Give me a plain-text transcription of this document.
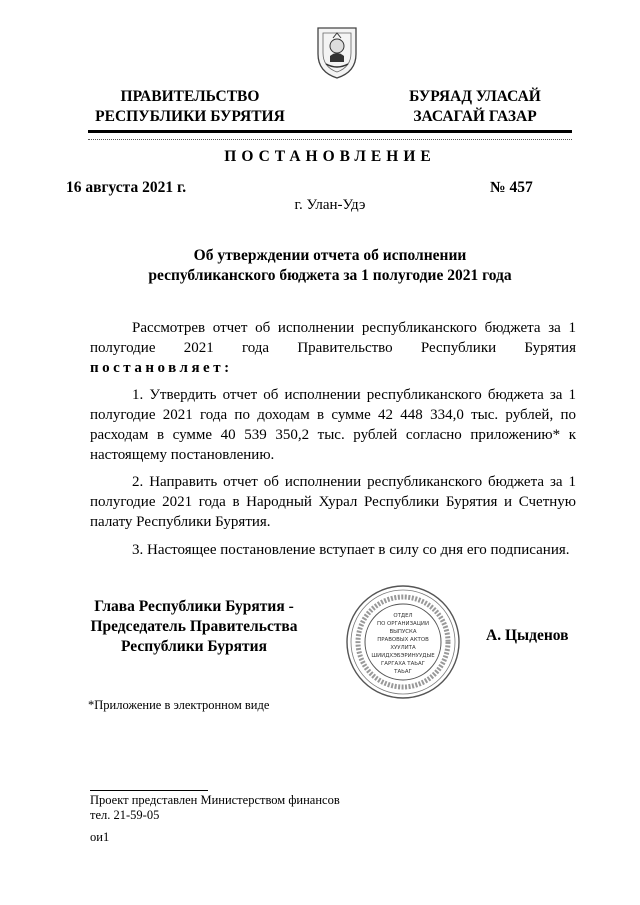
ПРАВИТЕЛЬСТВО
РЕСПУБЛИКИ БУРЯТИЯ
БУРЯАД УЛАСАЙ
ЗАСАГАЙ ГАЗАР
ПОСТАНОВЛЕНИЕ
16 августа 2021 г.	№ 457
г. Улан-Удэ
Об утверждении отчета об исполнении
республиканского бюджета за 1 полугодие 2021 года
Рассмотрев отчет об исполнении республиканского бюджета за 1 полугодие 2021 года Правительство Республики Бурятия постановляет:
1. Утвердить отчет об исполнении республиканского бюджета за 1 полугодие 2021 года по доходам в сумме 42 448 334,0 тыс. рублей, по расходам в сумме 40 539 350,2 тыс. рублей согласно приложению* к настоящему постановлению.
2. Направить отчет об исполнении республиканского бюджета за 1 полугодие 2021 года в Народный Хурал Республики Бурятия и Счетную палату Республики Бурятия.
3. Настоящее постановление вступает в силу со дня его подписания.
Глава Республики Бурятия -
Председатель Правительства
Республики Бурятия
ОТДЕЛ
ПО ОРГАНИЗАЦИИ
ВЫПУСКА
ПРАВОВЫХ АКТОВ
ХУУЛИТА
ШИИДХЭБЭРИНУУДЫЕ
ГАРГАХА ТАЬАГ
ТАЬАГ
А. Цыденов
*Приложение в электронном виде
Проект представлен Министерством финансов
тел. 21-59-05
ои1
